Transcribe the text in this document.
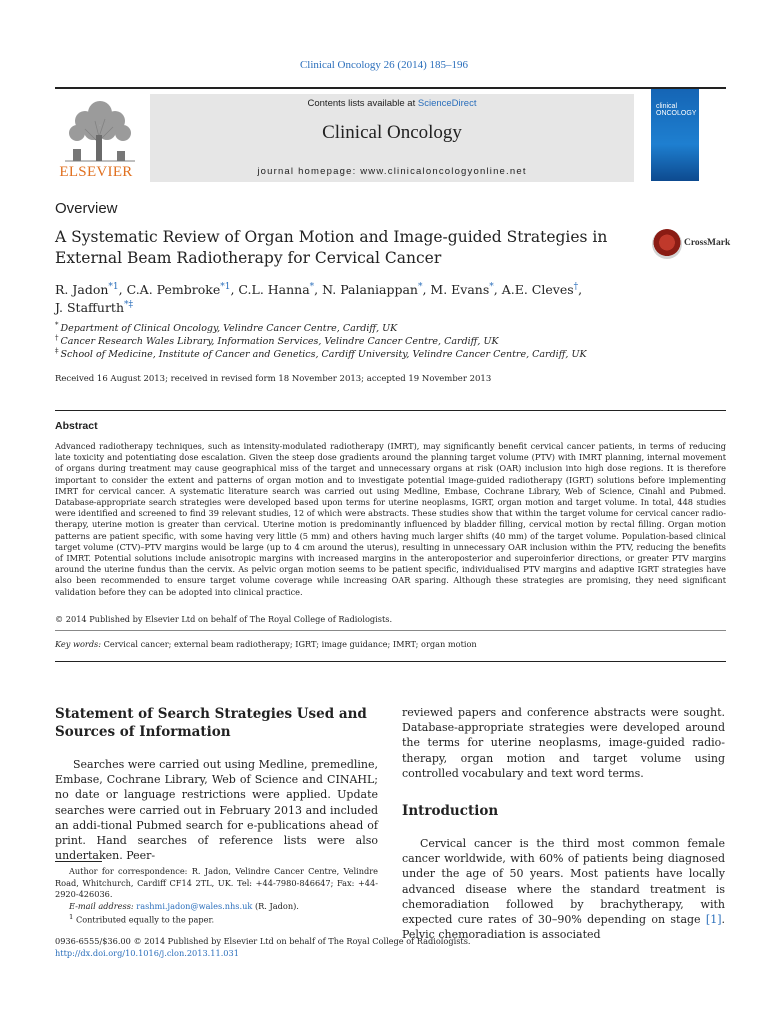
Clinical Oncology 26 (2014) 185–196
ELSEVIER
Contents lists available at ScienceDirect
Clinical Oncology
journal homepage: www.clinicaloncologyonline.net
clinical
ONCOLOGY
Overview
A Systematic Review of Organ Motion and Image-guided Strategies in External Beam Radiotherapy for Cervical Cancer
CrossMark
R. Jadon$^{*1}$, C.A. Pembroke$^{*1}$, C.L. Hanna*, N. Palaniappan*, M. Evans*, A.E. Cleves†,
J. Staffurth*‡
* Department of Clinical Oncology, Velindre Cancer Centre, Cardiff, UK
† Cancer Research Wales Library, Information Services, Velindre Cancer Centre, Cardiff, UK
‡ School of Medicine, Institute of Cancer and Genetics, Cardiff University, Velindre Cancer Centre, Cardiff, UK
Received 16 August 2013; received in revised form 18 November 2013; accepted 19 November 2013
Abstract
Advanced radiotherapy techniques, such as intensity-modulated radiotherapy (IMRT), may significantly benefit cervical cancer patients, in terms of reducing late toxicity and potentiating dose escalation. Given the steep dose gradients around the planning target volume (PTV) with IMRT planning, internal movement of organs during treatment may cause geographical miss of the target and unnecessary organs at risk (OAR) inclusion into high dose regions. It is therefore important to consider the extent and patterns of organ motion and to investigate potential image-guided radiotherapy (IGRT) solutions before implementing IMRT for cervical cancer. A systematic literature search was carried out using Medline, Embase, Cochrane Library, Web of Science, Cinahl and Pubmed. Database-appropriate search strategies were developed based upon terms for uterine neoplasms, IGRT, organ motion and target volume. In total, 448 studies were identified and screened to find 39 relevant studies, 12 of which were abstracts. These studies show that within the target volume for cervical cancer radio-therapy, uterine motion is greater than cervical. Uterine motion is predominantly influenced by bladder filling, cervical motion by rectal filling. Organ motion patterns are patient specific, with some having very little (5 mm) and others having much larger shifts (40 mm) of the target volume. Population-based clinical target volume (CTV)–PTV margins would be large (up to 4 cm around the uterus), resulting in unnecessary OAR inclusion within the PTV, reducing the benefits of IMRT. Potential solutions include anisotropic margins with increased margins in the anteroposterior and superoinferior directions, or greater PTV margins around the uterine fundus than the cervix. As pelvic organ motion seems to be patient specific, individualised PTV margins and adaptive IGRT strategies have also been recommended to ensure target volume coverage while increasing OAR sparing. Although these strategies are promising, they need significant validation before they can be adopted into clinical practice.
© 2014 Published by Elsevier Ltd on behalf of The Royal College of Radiologists.
Key words: Cervical cancer; external beam radiotherapy; IGRT; image guidance; IMRT; organ motion
Statement of Search Strategies Used and Sources of Information
Searches were carried out using Medline, premedline, Embase, Cochrane Library, Web of Science and CINAHL; no date or language restrictions were applied. Update searches were carried out in February 2013 and included an addi-tional Pubmed search for e-publications ahead of print. Hand searches of reference lists were also undertaken. Peer-
reviewed papers and conference abstracts were sought. Database-appropriate strategies were developed around the terms for uterine neoplasms, image-guided radio-therapy, organ motion and target volume using controlled vocabulary and text word terms.
Introduction
Cervical cancer is the third most common female cancer worldwide, with 60% of patients being diagnosed under the age of 50 years. Most patients have locally advanced disease where the standard treatment is chemoradiation followed by brachytherapy, with expected cure rates of 30–90% depending on stage [1]. Pelvic chemoradiation is associated

Author for correspondence: R. Jadon, Velindre Cancer Centre, Velindre Road, Whitchurch, Cardiff CF14 2TL, UK. Tel: +44-7980-846647; Fax: +44-2920-426036.

E-mail address: rashmi.jadon@wales.nhs.uk (R. Jadon).

$^1$ Contributed equally to the paper.

0936-6555/$36.00 © 2014 Published by Elsevier Ltd on behalf of The Royal College of Radiologists.
http://dx.doi.org/10.1016/j.clon.2013.11.031
